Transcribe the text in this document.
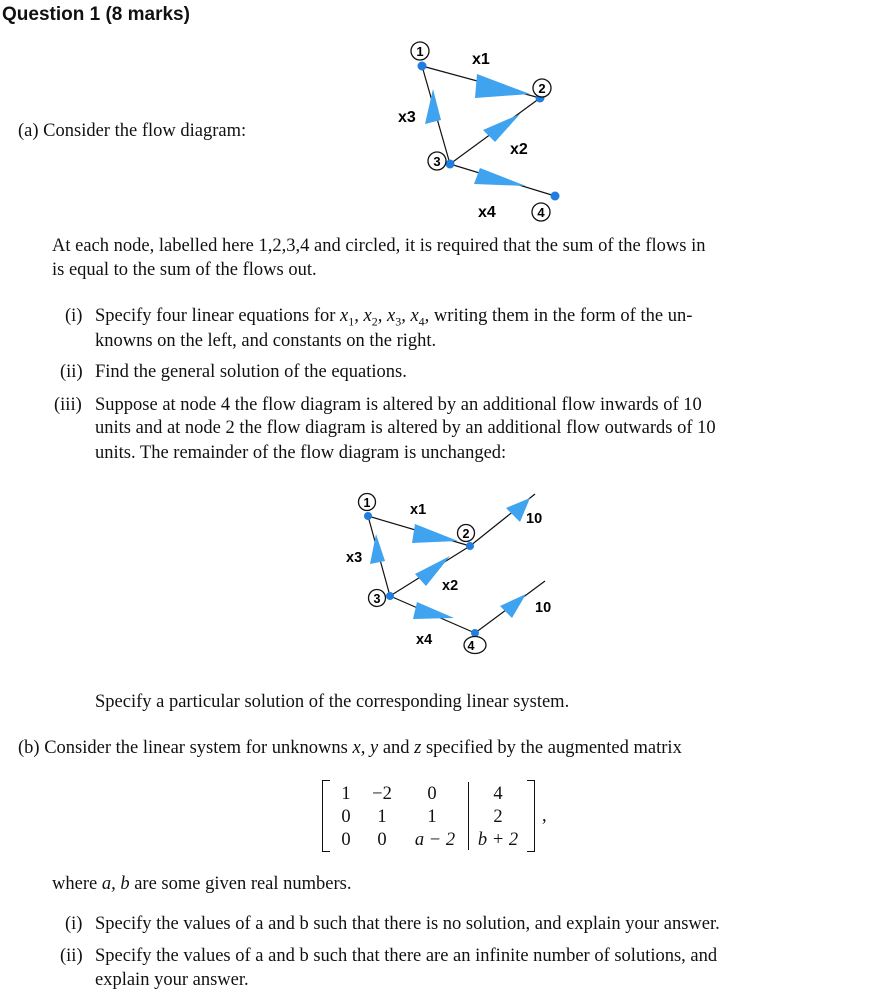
Question 1 (8 marks)
(a) Consider the flow diagram:
1
2
3
4
x1
x2
x3
x4
At each node, labelled here 1,2,3,4 and circled, it is required that the sum of the flows in
is equal to the sum of the flows out.
(i) Specify four linear equations for $x_1$, $x_2$, $x_3$, $x_4$, writing them in the form of the un-
knowns on the left, and constants on the right.
(ii) Find the general solution of the equations.
(iii) Suppose at node 4 the flow diagram is altered by an additional flow inwards of 10
units and at node 2 the flow diagram is altered by an additional flow outwards of 10
units. The remainder of the flow diagram is unchanged:
1
2
3
4
x1
x2
x3
x4
10
10
Specify a particular solution of the corresponding linear system.
(b) Consider the linear system for unknowns x, y and z specified by the augmented matrix
1	−2	0	4
0	1	1	2
0	0	a − 2	b + 2
,
where a, b are some given real numbers.
(i) Specify the values of a and b such that there is no solution, and explain your answer.
(ii) Specify the values of a and b such that there are an infinite number of solutions, and
explain your answer.
